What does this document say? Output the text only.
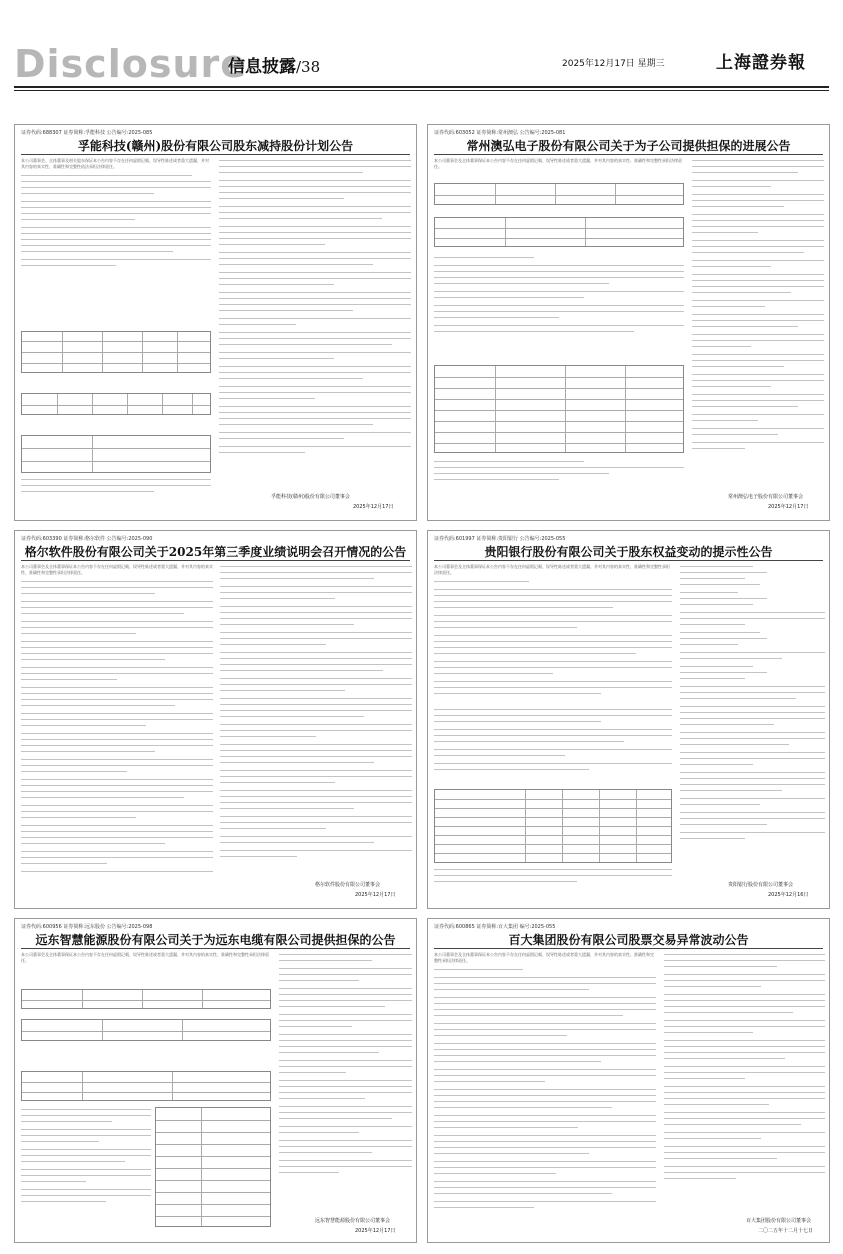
Disclosure
信息披露/38	2025年12月17日 星期三	上海證券報
证券代码:688307 证券简称:孚能科技 公告编号:2025-085
孚能科技(赣州)股份有限公司股东减持股份计划公告
本公司董事会、全体董事及相关股东保证本公告内容不存在任何虚假记载、误导性陈述或者重大遗漏，并对其内容的真实性、准确性和完整性依法承担法律责任。
孚能科技(赣州)股份有限公司董事会
2025年12月17日
证券代码:603052 证券简称:常州澳弘 公告编号:2025-081
常州澳弘电子股份有限公司关于为子公司提供担保的进展公告
本公司董事会及全体董事保证本公告内容不存在任何虚假记载、误导性陈述或者重大遗漏，并对其内容的真实性、准确性和完整性承担法律责任。
常州澳弘电子股份有限公司董事会
2025年12月17日
证券代码:603390 证券简称:格尔软件 公告编号:2025-090
格尔软件股份有限公司关于2025年第三季度业绩说明会召开情况的公告
本公司董事会及全体董事保证本公告内容不存在任何虚假记载、误导性陈述或者重大遗漏，并对其内容的真实性、准确性和完整性承担法律责任。
格尔软件股份有限公司董事会
2025年12月17日
证券代码:601997 证券简称:贵阳银行 公告编号:2025-055
贵阳银行股份有限公司关于股东权益变动的提示性公告
本公司董事会及全体董事保证本公告内容不存在任何虚假记载、误导性陈述或者重大遗漏，并对其内容的真实性、准确性和完整性承担法律责任。
贵阳银行股份有限公司董事会
2025年12月16日
证券代码:600956 证券简称:远东股份 公告编号:2025-098
远东智慧能源股份有限公司关于为远东电缆有限公司提供担保的公告
本公司董事会及全体董事保证本公告内容不存在任何虚假记载、误导性陈述或者重大遗漏，并对其内容的真实性、准确性和完整性承担法律责任。
远东智慧能源股份有限公司董事会
2025年12月17日
证券代码:600865 证券简称:百大集团 编号:2025-055
百大集团股份有限公司股票交易异常波动公告
本公司董事会及全体董事保证本公告内容不存在任何虚假记载、误导性陈述或者重大遗漏，并对其内容的真实性、准确性和完整性承担法律责任。
百大集团股份有限公司董事会
二〇二五年十二月十七日
